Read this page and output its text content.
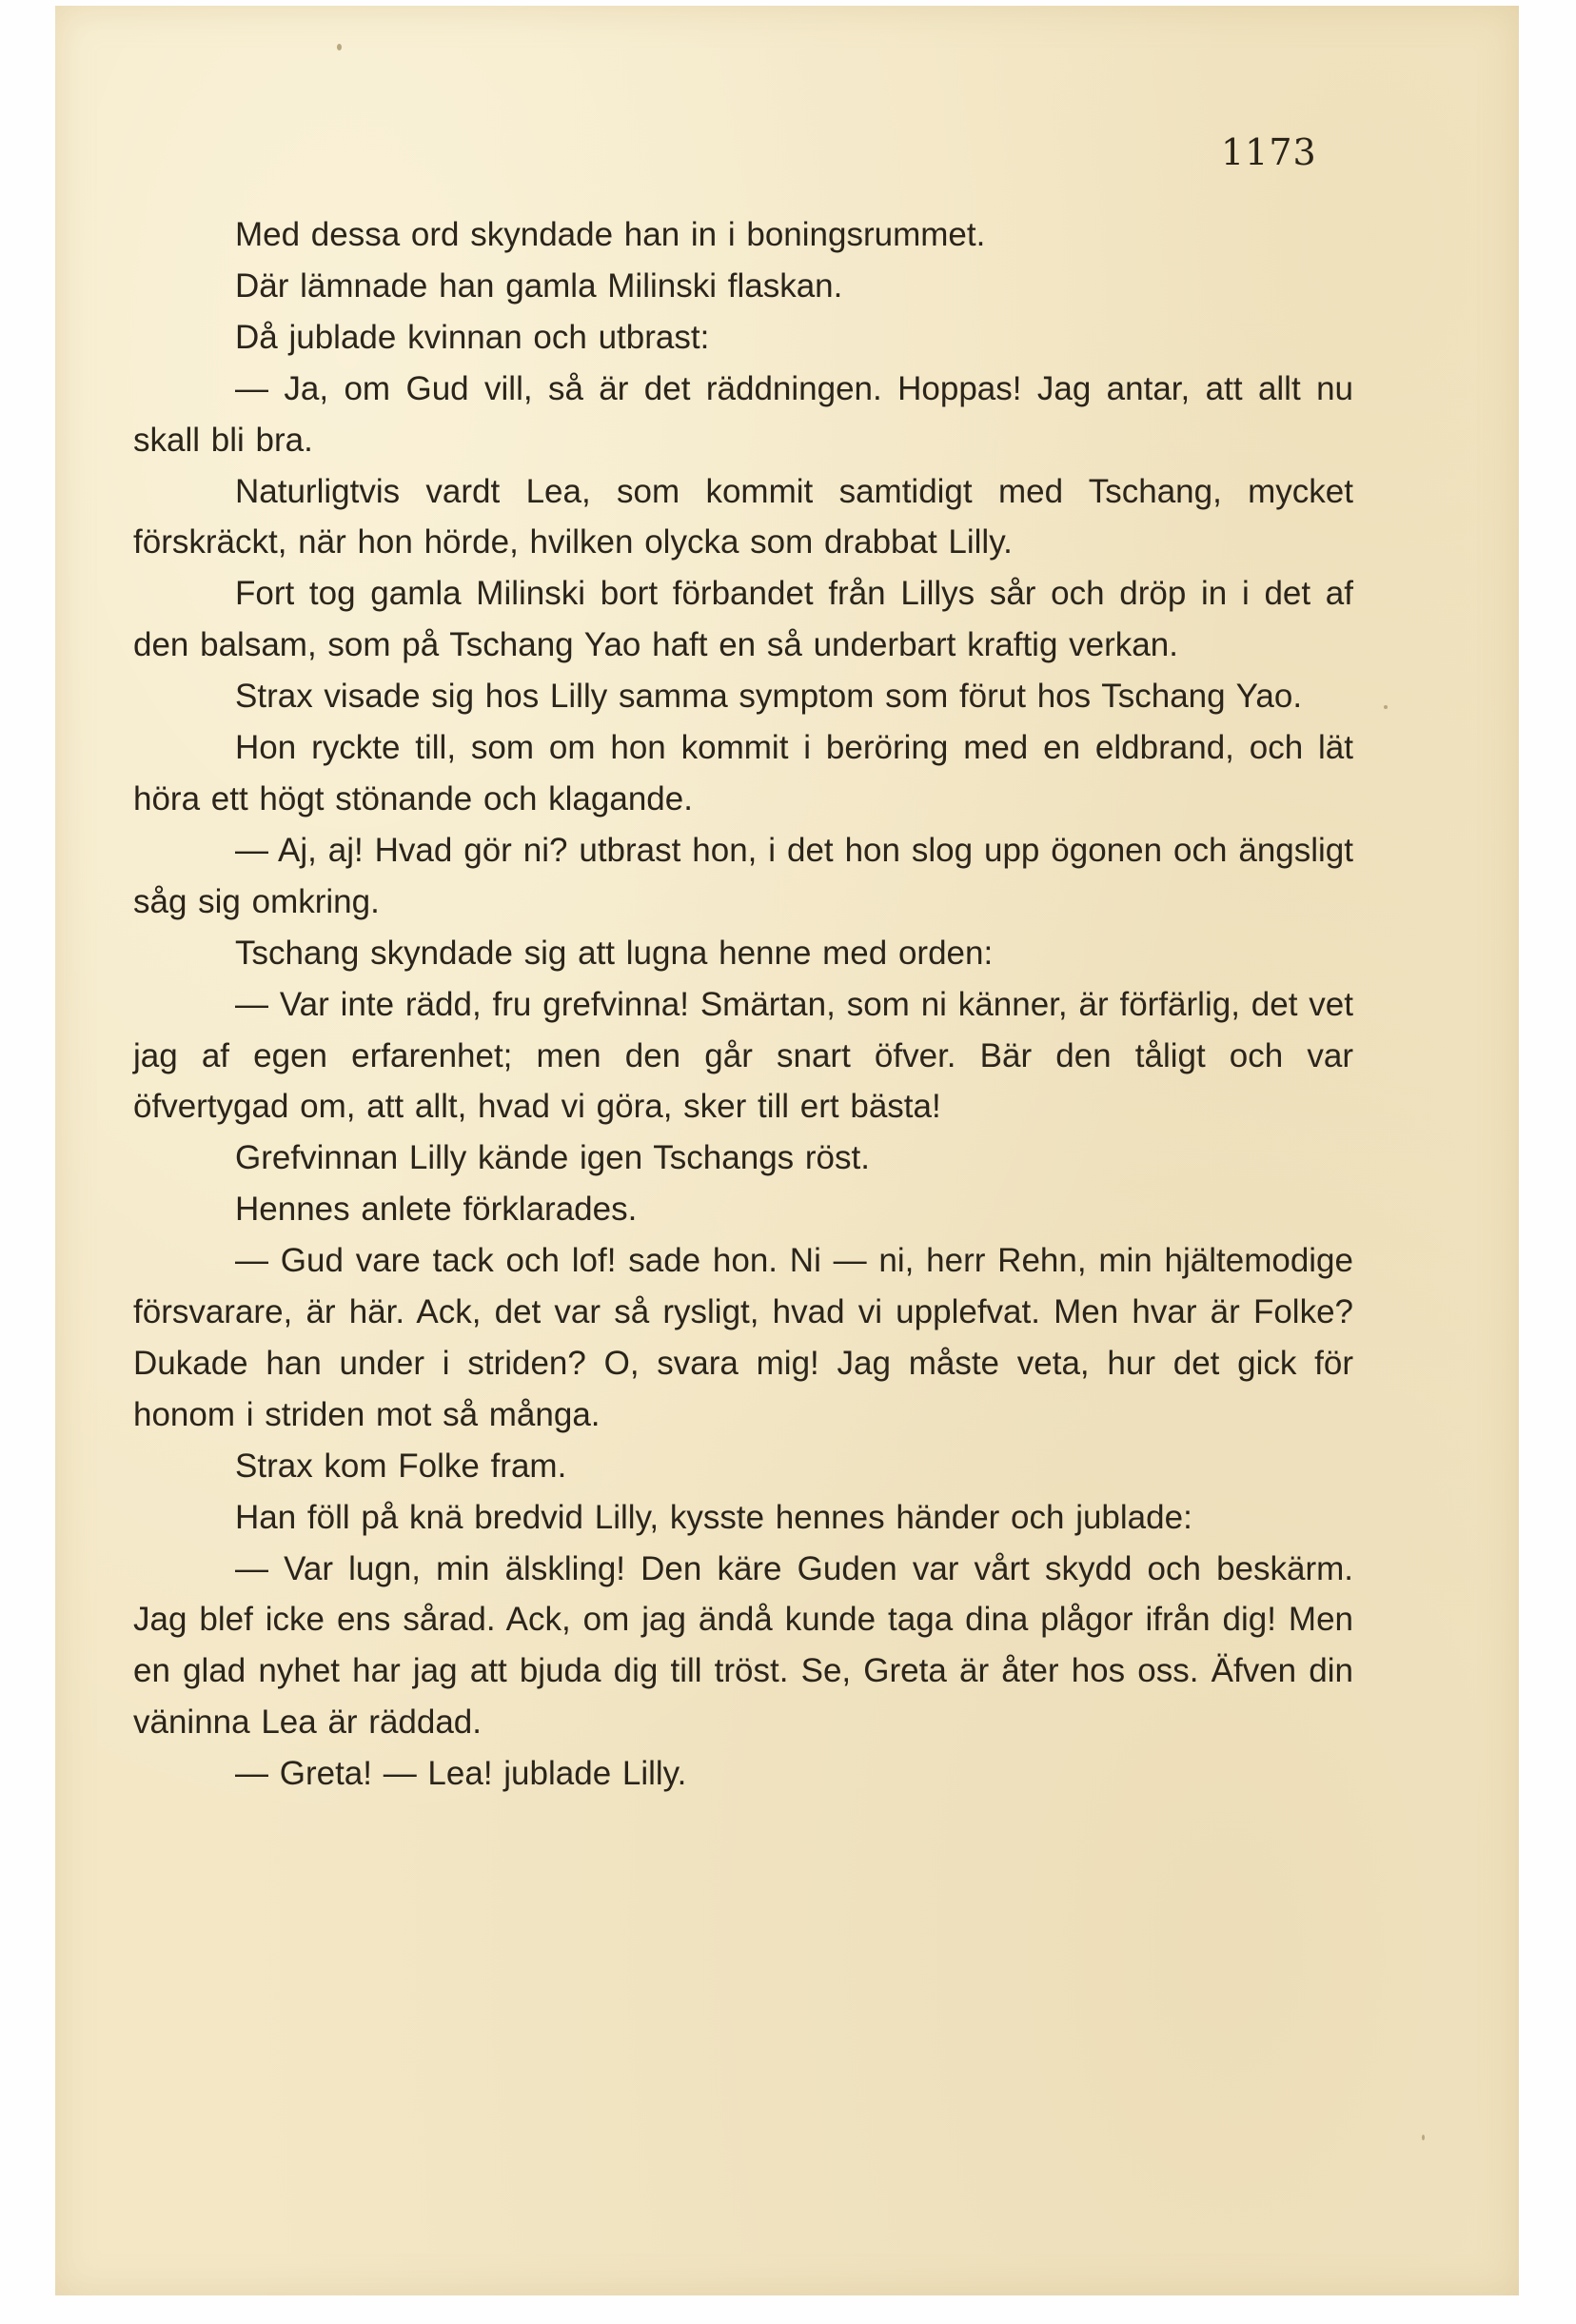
1173

Med dessa ord skyndade han in i boningsrummet.

Där lämnade han gamla Milinski flaskan.

Då jublade kvinnan och utbrast:

— Ja, om Gud vill, så är det räddningen. Hoppas! Jag antar, att allt nu skall bli bra.

Naturligtvis vardt Lea, som kommit samtidigt med Tschang, mycket förskräckt, när hon hörde, hvilken olycka som drabbat Lilly.

Fort tog gamla Milinski bort förbandet från Lillys sår och dröp in i det af den balsam, som på Tschang Yao haft en så underbart kraftig verkan.

Strax visade sig hos Lilly samma symptom som förut hos Tschang Yao.

Hon ryckte till, som om hon kommit i beröring med en eldbrand, och lät höra ett högt stönande och klagande.

— Aj, aj! Hvad gör ni? utbrast hon, i det hon slog upp ögonen och ängsligt såg sig omkring.

Tschang skyndade sig att lugna henne med orden:

— Var inte rädd, fru grefvinna! Smärtan, som ni känner, är förfärlig, det vet jag af egen erfarenhet; men den går snart öfver. Bär den tåligt och var öfvertygad om, att allt, hvad vi göra, sker till ert bästa!

Grefvinnan Lilly kände igen Tschangs röst.

Hennes anlete förklarades.

— Gud vare tack och lof! sade hon. Ni — ni, herr Rehn, min hjältemodige försvarare, är här. Ack, det var så rysligt, hvad vi upplefvat. Men hvar är Folke? Dukade han under i striden? O, svara mig! Jag måste veta, hur det gick för honom i striden mot så många.

Strax kom Folke fram.

Han föll på knä bredvid Lilly, kysste hennes händer och jublade:

— Var lugn, min älskling! Den käre Guden var vårt skydd och beskärm. Jag blef icke ens sårad. Ack, om jag ändå kunde taga dina plågor ifrån dig! Men en glad nyhet har jag att bjuda dig till tröst. Se, Greta är åter hos oss. Äfven din väninna Lea är räddad.

— Greta! — Lea! jublade Lilly.
